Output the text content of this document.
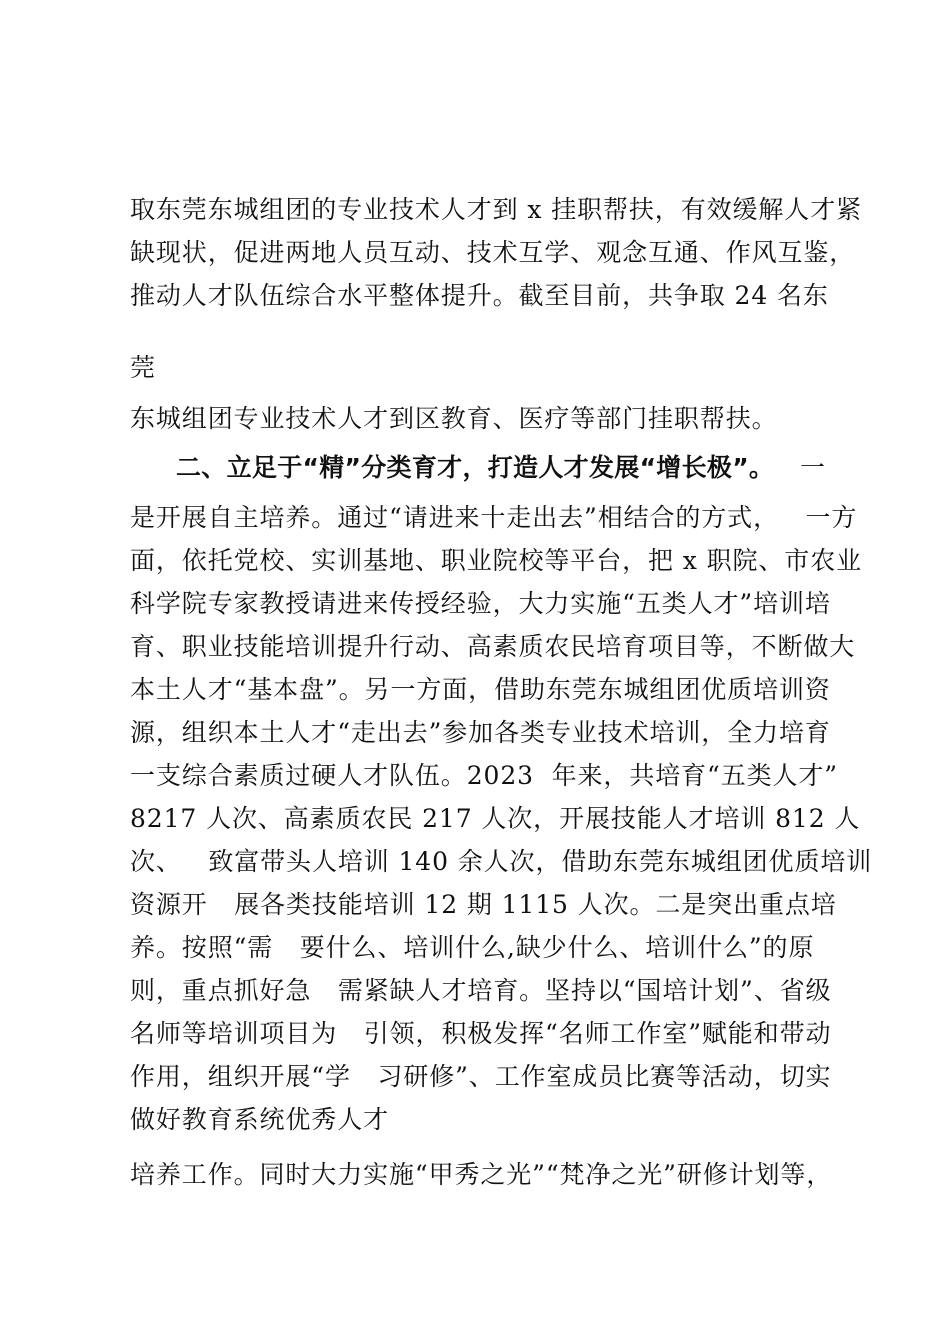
取东莞东城组团的专业技术人才到 x 挂职帮扶，有效缓解人才紧
缺现状，促进两地人员互动、技术互学、观念互通、作风互鉴，
推动人才队伍综合水平整体提升。截至目前，共争取 24 名东
莞
东城组团专业技术人才到区教育、医疗等部门挂职帮扶。
二、立足于“精”分类育才，打造人才发展“增长极”。 一
是开展自主培养。通过“请进来十走出去”相结合的方式，   一方
面，依托党校、实训基地、职业院校等平台，把 x 职院、市农业
科学院专家教授请进来传授经验，大力实施“五类人才”培训培
育、职业技能培训提升行动、高素质农民培育项目等，不断做大
本土人才“基本盘”。另一方面，借助东莞东城组团优质培训资
源，组织本土人才“走出去”参加各类专业技术培训，全力培育
一支综合素质过硬人才队伍。2023  年来，共培育“五类人才”
8217 人次、高素质农民 217 人次，开展技能人才培训 812 人
次、   致富带头人培训 140 余人次，借助东莞东城组团优质培训
资源开   展各类技能培训 12 期 1115 人次。二是突出重点培
养。按照“需   要什么、培训什么,缺少什么、培训什么”的原
则，重点抓好急   需紧缺人才培育。坚持以“国培计划”、省级
名师等培训项目为   引领，积极发挥“名师工作室”赋能和带动
作用，组织开展“学   习研修”、工作室成员比赛等活动，切实
做好教育系统优秀人才
培养工作。同时大力实施“甲秀之光”“梵净之光”研修计划等，
